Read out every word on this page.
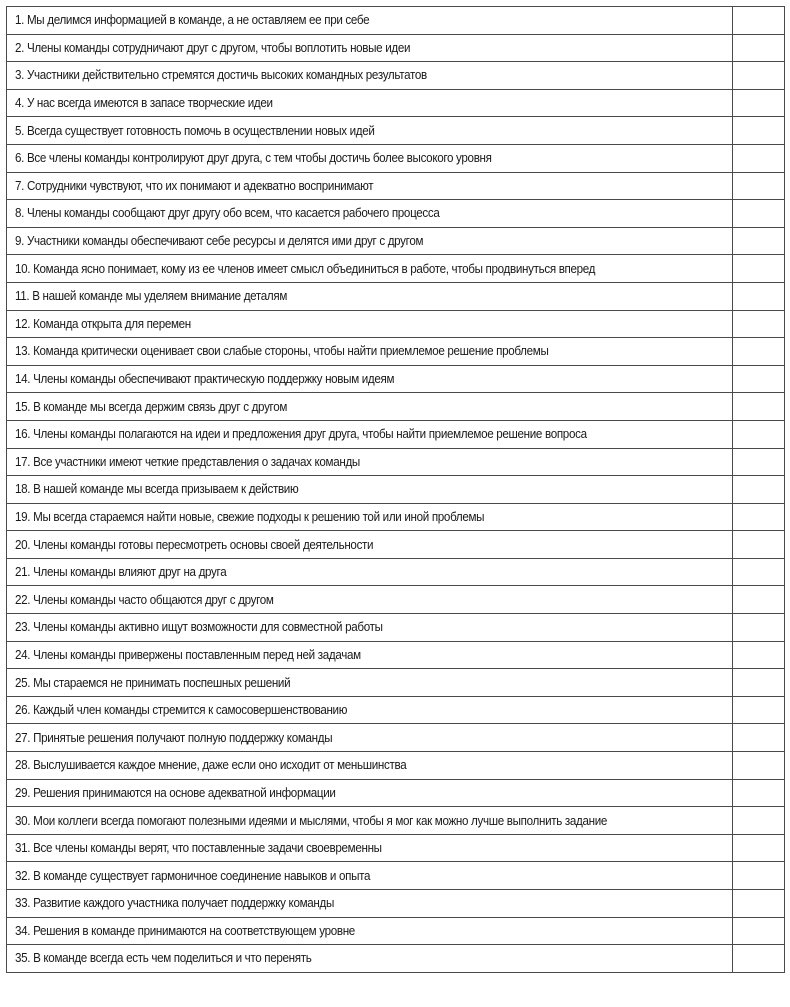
1. Мы делимся информацией в команде, а не оставляем ее при себе	
2. Члены команды сотрудничают друг с другом, чтобы воплотить новые идеи	
3. Участники действительно стремятся достичь высоких командных результатов	
4. У нас всегда имеются в запасе творческие идеи	
5. Всегда существует готовность помочь в осуществлении новых идей	
6. Все члены команды контролируют друг друга, с тем чтобы достичь более высокого уровня	
7. Сотрудники чувствуют, что их понимают и адекватно воспринимают	
8. Члены команды сообщают друг другу обо всем, что касается рабочего процесса	
9. Участники команды обеспечивают себе ресурсы и делятся ими друг с другом	
10. Команда ясно понимает, кому из ее членов имеет смысл объединиться в работе, чтобы продвинуться вперед	
11. В нашей команде мы уделяем внимание деталям	
12. Команда открыта для перемен	
13. Команда критически оценивает свои слабые стороны, чтобы найти приемлемое решение проблемы	
14. Члены команды обеспечивают практическую поддержку новым идеям	
15. В команде мы всегда держим связь друг с другом	
16. Члены команды полагаются на идеи и предложения друг друга, чтобы найти приемлемое решение вопроса	
17. Все участники имеют четкие представления о задачах команды	
18. В нашей команде мы всегда призываем к действию	
19. Мы всегда стараемся найти новые, свежие подходы к решению той или иной проблемы	
20. Члены команды готовы пересмотреть основы своей деятельности	
21. Члены команды влияют друг на друга	
22. Члены команды часто общаются друг с другом	
23. Члены команды активно ищут возможности для совместной работы	
24. Члены команды привержены поставленным перед ней задачам	
25. Мы стараемся не принимать поспешных решений	
26. Каждый член команды стремится к самосовершенствованию	
27. Принятые решения получают полную поддержку команды	
28. Выслушивается каждое мнение, даже если оно исходит от меньшинства	
29. Решения принимаются на основе адекватной информации	
30. Мои коллеги всегда помогают полезными идеями и мыслями, чтобы я мог как можно лучше выполнить задание	
31. Все члены команды верят, что поставленные задачи своевременны	
32. В команде существует гармоничное соединение навыков и опыта	
33. Развитие каждого участника получает поддержку команды	
34. Решения в команде принимаются на соответствующем уровне	
35. В команде всегда есть чем поделиться и что перенять	
